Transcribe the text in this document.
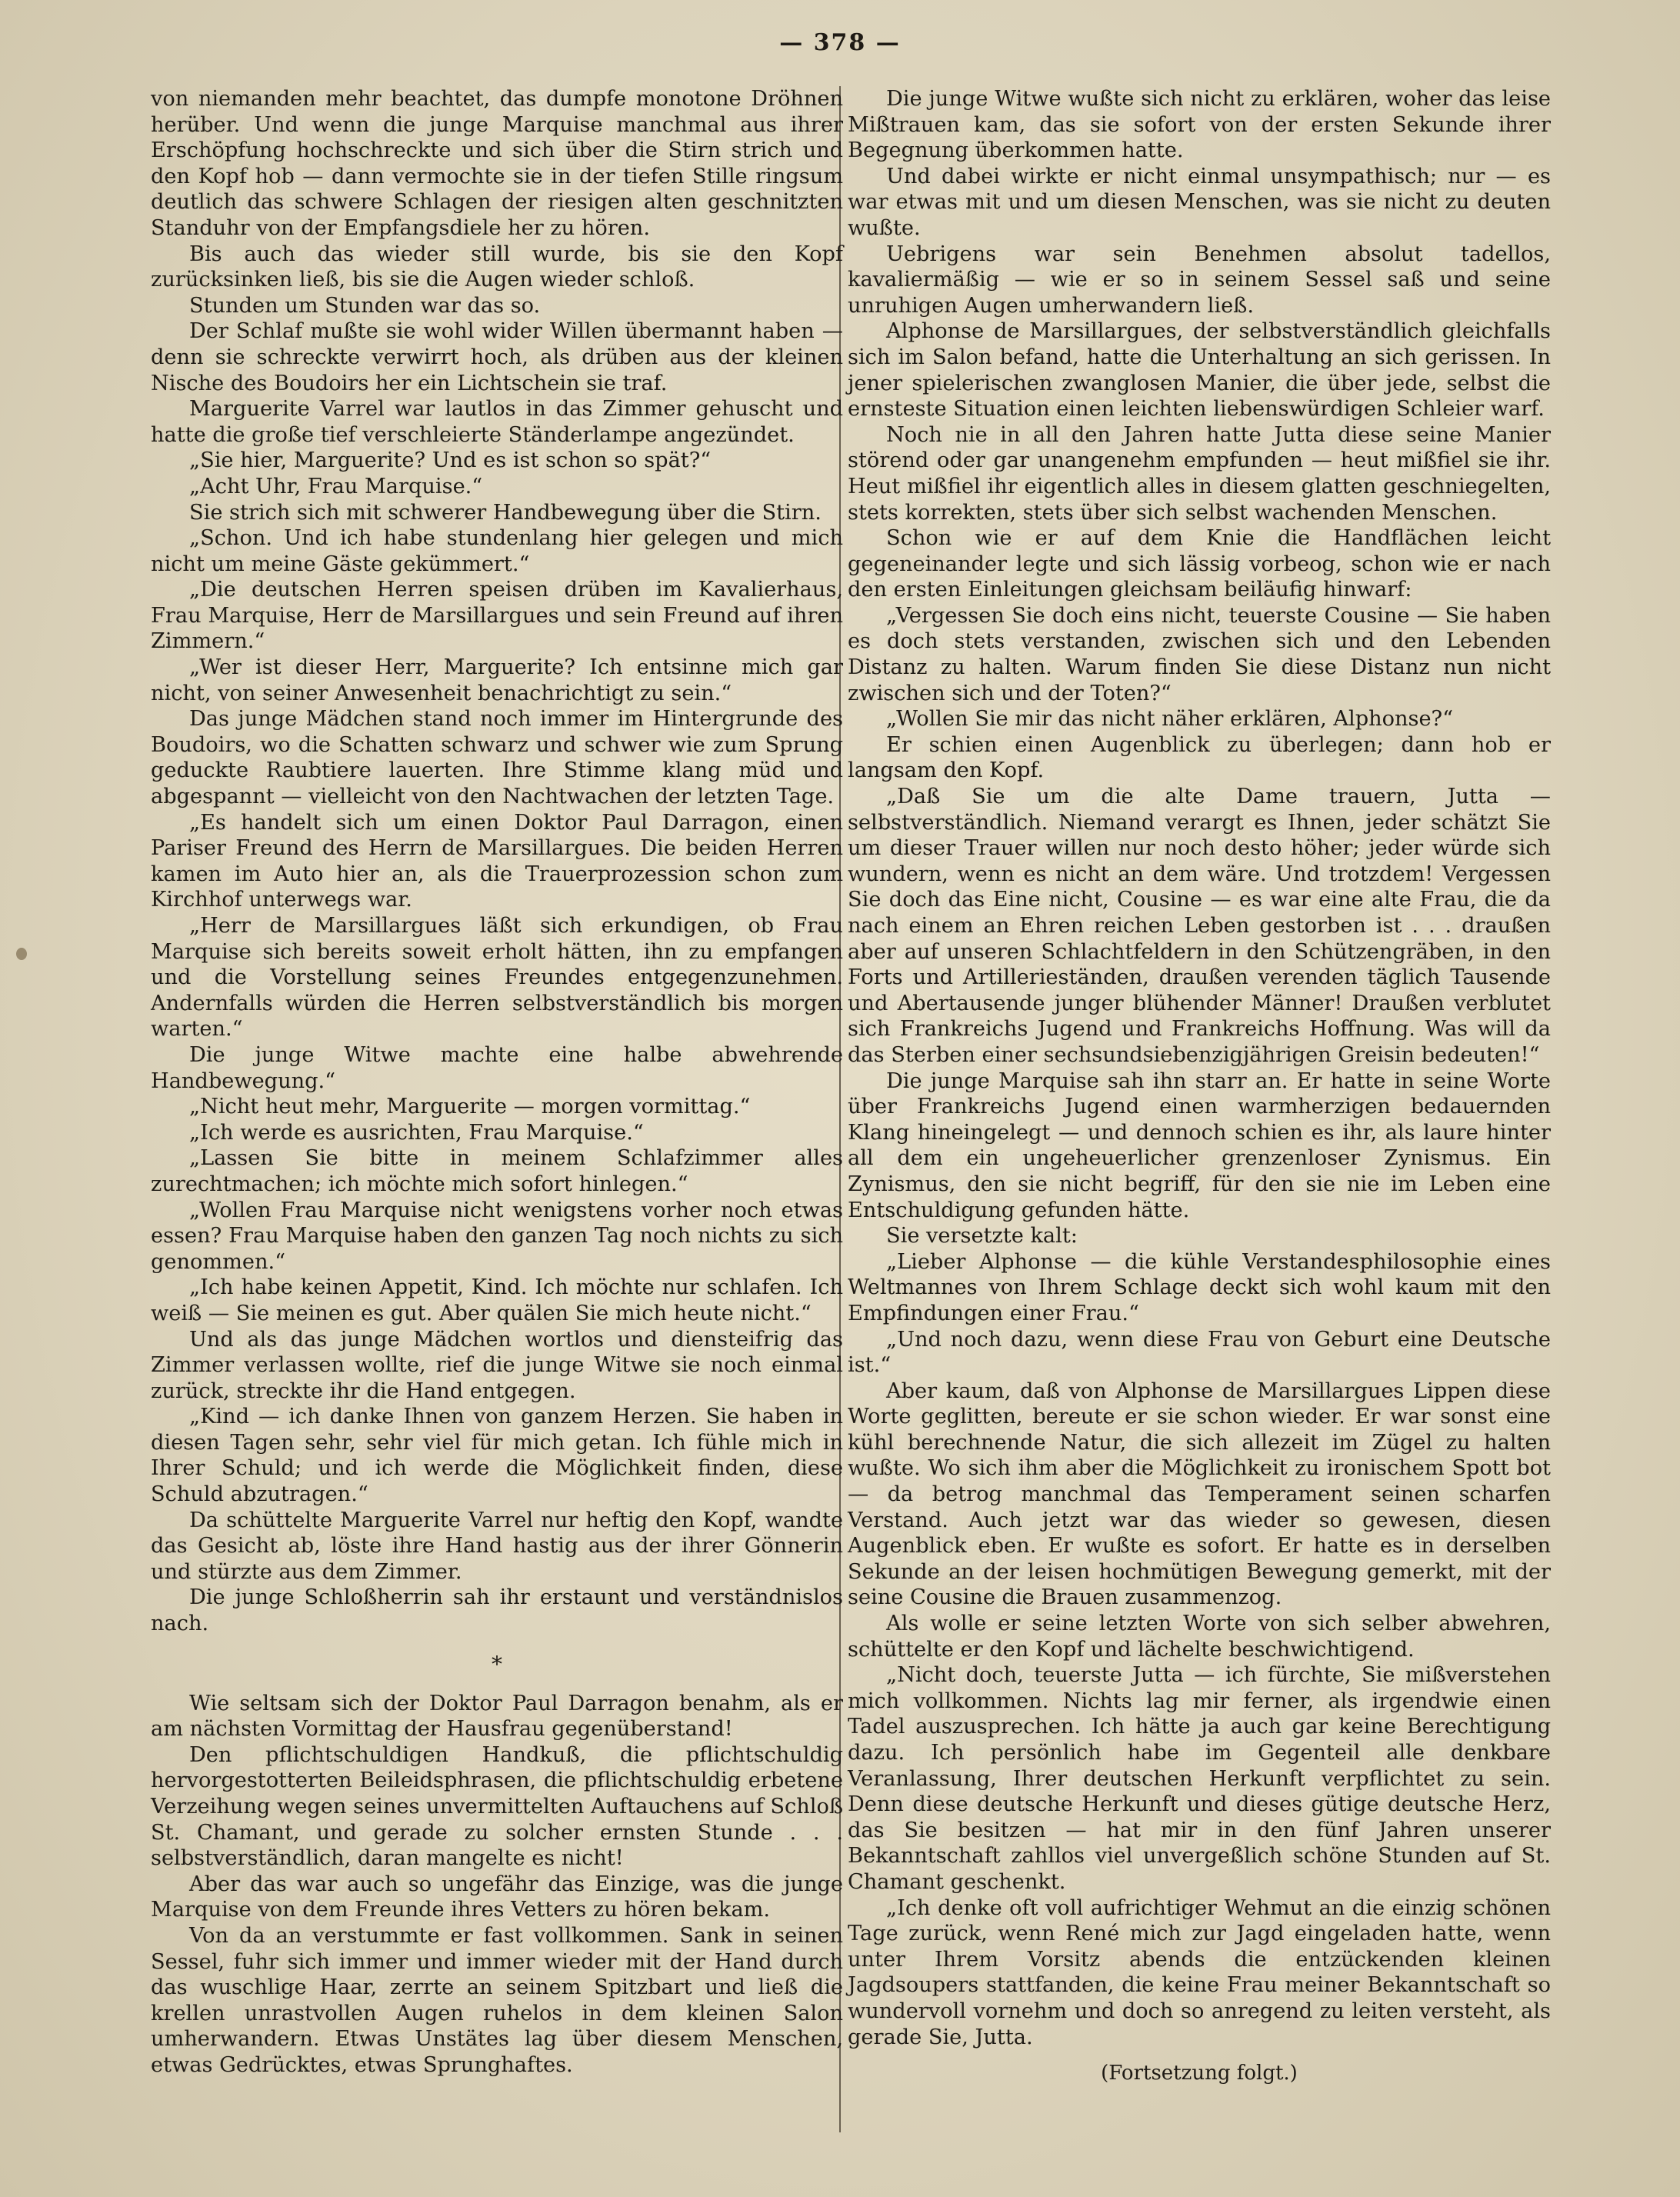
— 378 —

von niemanden mehr beachtet, das dumpfe monotone Dröhnen herüber. Und wenn die junge Marquise manchmal aus ihrer Erschöpfung hochschreckte und sich über die Stirn strich und den Kopf hob — dann vermochte sie in der tiefen Stille ringsum deutlich das schwere Schlagen der riesigen alten geschnitzten Standuhr von der Empfangsdiele her zu hören.

Bis auch das wieder still wurde, bis sie den Kopf zurücksinken ließ, bis sie die Augen wieder schloß.

Stunden um Stunden war das so.

Der Schlaf mußte sie wohl wider Willen übermannt haben — denn sie schreckte verwirrt hoch, als drüben aus der kleinen Nische des Boudoirs her ein Lichtschein sie traf.

Marguerite Varrel war lautlos in das Zimmer gehuscht und hatte die große tief verschleierte Ständerlampe angezündet.

„Sie hier, Marguerite? Und es ist schon so spät?“

„Acht Uhr, Frau Marquise.“

Sie strich sich mit schwerer Handbewegung über die Stirn.

„Schon. Und ich habe stundenlang hier gelegen und mich nicht um meine Gäste gekümmert.“

„Die deutschen Herren speisen drüben im Kavalierhaus, Frau Marquise, Herr de Marsillargues und sein Freund auf ihren Zimmern.“

„Wer ist dieser Herr, Marguerite? Ich entsinne mich gar nicht, von seiner Anwesenheit benachrichtigt zu sein.“

Das junge Mädchen stand noch immer im Hintergrunde des Boudoirs, wo die Schatten schwarz und schwer wie zum Sprung geduckte Raubtiere lauerten. Ihre Stimme klang müd und abgespannt — vielleicht von den Nachtwachen der letzten Tage.

„Es handelt sich um einen Doktor Paul Darragon, einen Pariser Freund des Herrn de Marsillargues. Die beiden Herren kamen im Auto hier an, als die Trauerprozession schon zum Kirchhof unterwegs war.

„Herr de Marsillargues läßt sich erkundigen, ob Frau Marquise sich bereits soweit erholt hätten, ihn zu empfangen und die Vorstellung seines Freundes entgegenzunehmen. Andernfalls würden die Herren selbstverständlich bis morgen warten.“

Die junge Witwe machte eine halbe abwehrende Handbewegung.“

„Nicht heut mehr, Marguerite — morgen vormittag.“

„Ich werde es ausrichten, Frau Marquise.“

„Lassen Sie bitte in meinem Schlafzimmer alles zurechtmachen; ich möchte mich sofort hinlegen.“

„Wollen Frau Marquise nicht wenigstens vorher noch etwas essen? Frau Marquise haben den ganzen Tag noch nichts zu sich genommen.“

„Ich habe keinen Appetit, Kind. Ich möchte nur schlafen. Ich weiß — Sie meinen es gut. Aber quälen Sie mich heute nicht.“

Und als das junge Mädchen wortlos und diensteifrig das Zimmer verlassen wollte, rief die junge Witwe sie noch einmal zurück, streckte ihr die Hand entgegen.

„Kind — ich danke Ihnen von ganzem Herzen. Sie haben in diesen Tagen sehr, sehr viel für mich getan. Ich fühle mich in Ihrer Schuld; und ich werde die Möglichkeit finden, diese Schuld abzutragen.“

Da schüttelte Marguerite Varrel nur heftig den Kopf, wandte das Gesicht ab, löste ihre Hand hastig aus der ihrer Gönnerin und stürzte aus dem Zimmer.

Die junge Schloßherrin sah ihr erstaunt und verständnislos nach.

*

Wie seltsam sich der Doktor Paul Darragon benahm, als er am nächsten Vormittag der Hausfrau gegenüberstand!

Den pflichtschuldigen Handkuß, die pflichtschuldig hervorgestotterten Beileidsphrasen, die pflichtschuldig erbetene Verzeihung wegen seines unvermittelten Auftauchens auf Schloß St. Chamant, und gerade zu solcher ernsten Stunde . . . selbstverständlich, daran mangelte es nicht!

Aber das war auch so ungefähr das Einzige, was die junge Marquise von dem Freunde ihres Vetters zu hören bekam.

Von da an verstummte er fast vollkommen. Sank in seinen Sessel, fuhr sich immer und immer wieder mit der Hand durch das wuschlige Haar, zerrte an seinem Spitzbart und ließ die krellen unrastvollen Augen ruhelos in dem kleinen Salon umherwandern. Etwas Unstätes lag über diesem Menschen, etwas Gedrücktes, etwas Sprunghaftes.

Die junge Witwe wußte sich nicht zu erklären, woher das leise Mißtrauen kam, das sie sofort von der ersten Sekunde ihrer Begegnung überkommen hatte.

Und dabei wirkte er nicht einmal unsympathisch; nur — es war etwas mit und um diesen Menschen, was sie nicht zu deuten wußte.

Uebrigens war sein Benehmen absolut tadellos, kavaliermäßig — wie er so in seinem Sessel saß und seine unruhigen Augen umherwandern ließ.

Alphonse de Marsillargues, der selbstverständlich gleichfalls sich im Salon befand, hatte die Unterhaltung an sich gerissen. In jener spielerischen zwanglosen Manier, die über jede, selbst die ernsteste Situation einen leichten liebenswürdigen Schleier warf.

Noch nie in all den Jahren hatte Jutta diese seine Manier störend oder gar unangenehm empfunden — heut mißfiel sie ihr. Heut mißfiel ihr eigentlich alles in diesem glatten geschniegelten, stets korrekten, stets über sich selbst wachenden Menschen.

Schon wie er auf dem Knie die Handflächen leicht gegeneinander legte und sich lässig vorbeog, schon wie er nach den ersten Einleitungen gleichsam beiläufig hinwarf:

„Vergessen Sie doch eins nicht, teuerste Cousine — Sie haben es doch stets verstanden, zwischen sich und den Lebenden Distanz zu halten. Warum finden Sie diese Distanz nun nicht zwischen sich und der Toten?“

„Wollen Sie mir das nicht näher erklären, Alphonse?“

Er schien einen Augenblick zu überlegen; dann hob er langsam den Kopf.

„Daß Sie um die alte Dame trauern, Jutta — selbstverständlich. Niemand verargt es Ihnen, jeder schätzt Sie um dieser Trauer willen nur noch desto höher; jeder würde sich wundern, wenn es nicht an dem wäre. Und trotzdem! Vergessen Sie doch das Eine nicht, Cousine — es war eine alte Frau, die da nach einem an Ehren reichen Leben gestorben ist . . . draußen aber auf unseren Schlachtfeldern in den Schützengräben, in den Forts und Artillerieständen, draußen verenden täglich Tausende und Abertausende junger blühender Männer! Draußen verblutet sich Frankreichs Jugend und Frankreichs Hoffnung. Was will da das Sterben einer sechsundsiebenzigjährigen Greisin bedeuten!“

Die junge Marquise sah ihn starr an. Er hatte in seine Worte über Frankreichs Jugend einen warmherzigen bedauernden Klang hineingelegt — und dennoch schien es ihr, als laure hinter all dem ein ungeheuerlicher grenzenloser Zynismus. Ein Zynismus, den sie nicht begriff, für den sie nie im Leben eine Entschuldigung gefunden hätte.

Sie versetzte kalt:

„Lieber Alphonse — die kühle Verstandesphilosophie eines Weltmannes von Ihrem Schlage deckt sich wohl kaum mit den Empfindungen einer Frau.“

„Und noch dazu, wenn diese Frau von Geburt eine Deutsche ist.“

Aber kaum, daß von Alphonse de Marsillargues Lippen diese Worte geglitten, bereute er sie schon wieder. Er war sonst eine kühl berechnende Natur, die sich allezeit im Zügel zu halten wußte. Wo sich ihm aber die Möglichkeit zu ironischem Spott bot — da betrog manchmal das Temperament seinen scharfen Verstand. Auch jetzt war das wieder so gewesen, diesen Augenblick eben. Er wußte es sofort. Er hatte es in derselben Sekunde an der leisen hochmütigen Bewegung gemerkt, mit der seine Cousine die Brauen zusammenzog.

Als wolle er seine letzten Worte von sich selber abwehren, schüttelte er den Kopf und lächelte beschwichtigend.

„Nicht doch, teuerste Jutta — ich fürchte, Sie mißverstehen mich vollkommen. Nichts lag mir ferner, als irgendwie einen Tadel auszusprechen. Ich hätte ja auch gar keine Berechtigung dazu. Ich persönlich habe im Gegenteil alle denkbare Veranlassung, Ihrer deutschen Herkunft verpflichtet zu sein. Denn diese deutsche Herkunft und dieses gütige deutsche Herz, das Sie besitzen — hat mir in den fünf Jahren unserer Bekanntschaft zahllos viel unvergeßlich schöne Stunden auf St. Chamant geschenkt.

„Ich denke oft voll aufrichtiger Wehmut an die einzig schönen Tage zurück, wenn René mich zur Jagd eingeladen hatte, wenn unter Ihrem Vorsitz abends die entzückenden kleinen Jagdsoupers stattfanden, die keine Frau meiner Bekanntschaft so wundervoll vornehm und doch so anregend zu leiten versteht, als gerade Sie, Jutta.

(Fortsetzung folgt.)
